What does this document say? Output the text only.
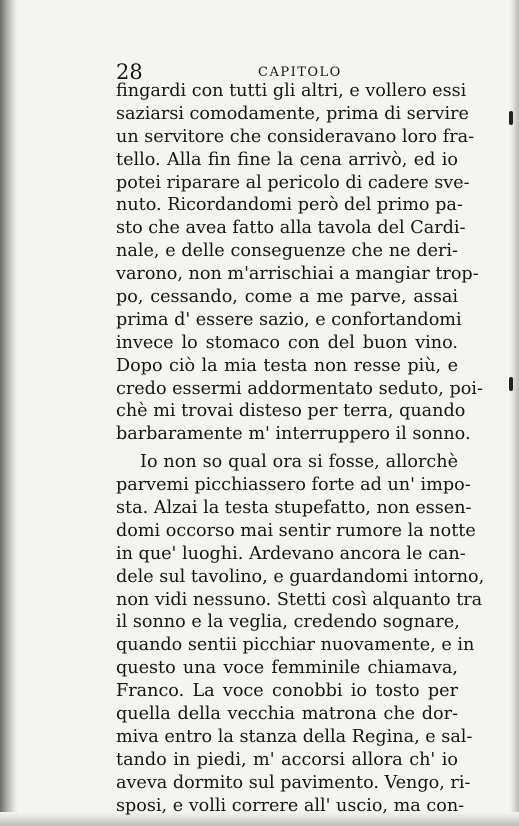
28	CAPITOLO
fingardi con tutti gli altri, e vollero essi
saziarsi comodamente, prima di servire
un servitore che consideravano loro fra-
tello. Alla fin fine la cena arrivò, ed io
potei riparare al pericolo di cadere sve-
nuto. Ricordandomi però del primo pa-
sto che avea fatto alla tavola del Cardi-
nale, e delle conseguenze che ne deri-
varono, non m'arrischiai a mangiar trop-
po, cessando, come a me parve, assai
prima d' essere sazio, e confortandomi
invece lo stomaco con del buon vino.
Dopo ciò la mia testa non resse più, e
credo essermi addormentato seduto, poi-
chè mi trovai disteso per terra, quando
barbaramente m' interruppero il sonno.
Io non so qual ora si fosse, allorchè
parvemi picchiassero forte ad un' impo-
sta. Alzai la testa stupefatto, non essen-
domi occorso mai sentir rumore la notte
in que' luoghi. Ardevano ancora le can-
dele sul tavolino, e guardandomi intorno,
non vidi nessuno. Stetti così alquanto tra
il sonno e la veglia, credendo sognare,
quando sentii picchiar nuovamente, e in
questo una voce femminile chiamava,
Franco. La voce conobbi io tosto per
quella della vecchia matrona che dor-
miva entro la stanza della Regina, e sal-
tando in piedi, m' accorsi allora ch' io
aveva dormito sul pavimento. Vengo, ri-
sposi, e volli correre all' uscio, ma con-
